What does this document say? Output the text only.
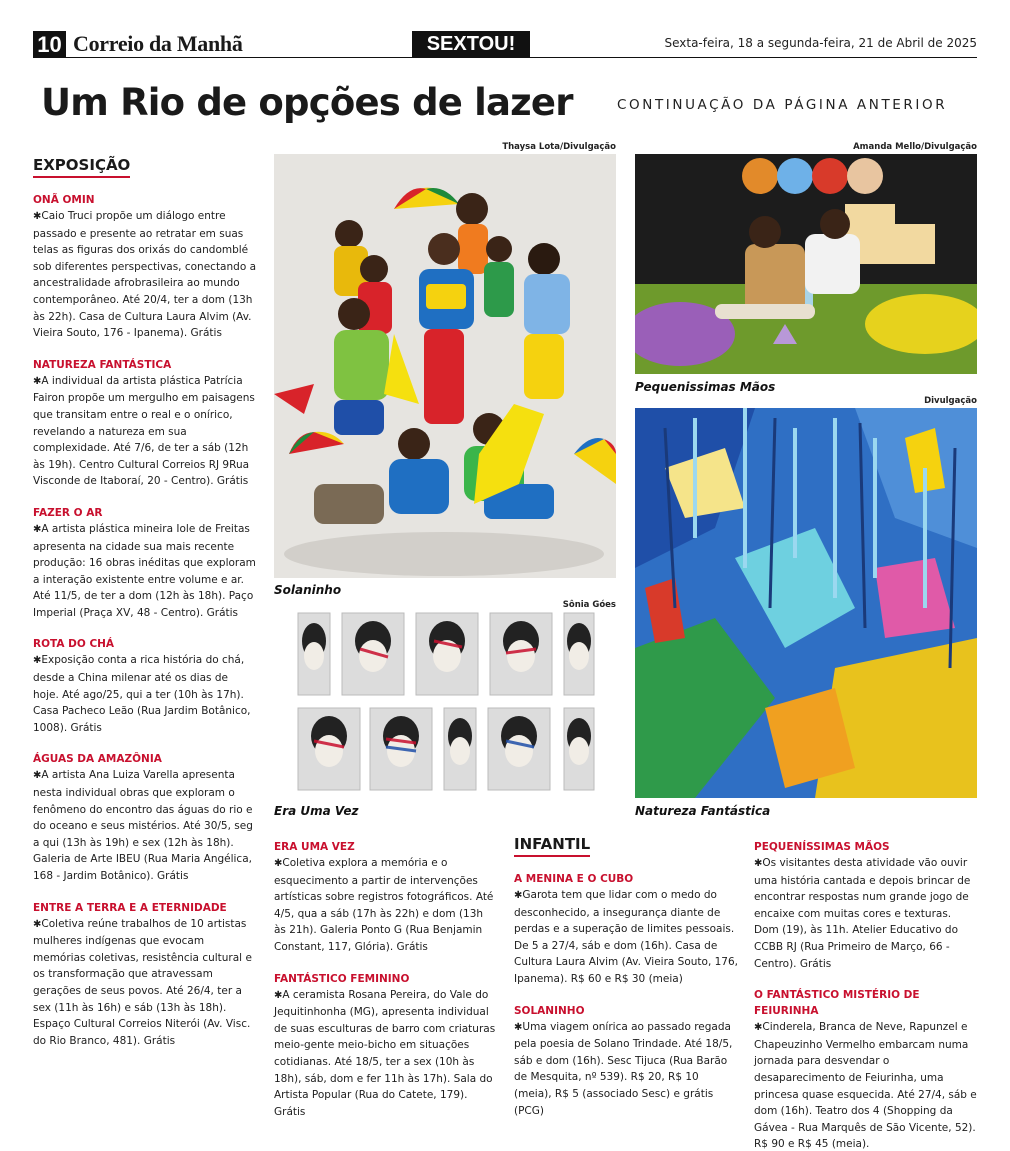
10 Correio da Manhã	SEXTOU!	Sexta-feira, 18 a segunda-feira, 21 de Abril de 2025
Um Rio de opções de lazer	CONTINUAÇÃO DA PÁGINA ANTERIOR
EXPOSIÇÃO
ONÃ OMIN
✱Caio Truci propõe um diálogo entre passado e presente ao retratar em suas telas as figuras dos orixás do candomblé sob diferentes perspectivas, conectando a ancestralidade afrobrasileira ao mundo contemporâneo. Até 20/4, ter a dom (13h às 22h). Casa de Cultura Laura Alvim (Av. Vieira Souto, 176 - Ipanema). Grátis
NATUREZA FANTÁSTICA
✱A individual da artista plástica Patrícia Fairon propõe um mergulho em paisagens que transitam entre o real e o onírico, revelando a natureza em sua complexidade. Até 7/6, de ter a sáb (12h às 19h). Centro Cultural Correios RJ 9Rua Visconde de Itaboraí, 20 - Centro). Grátis
FAZER O AR
✱A artista plástica mineira Iole de Freitas apresenta na cidade sua mais recente produção: 16 obras inéditas que exploram a interação existente entre volume e ar. Até 11/5, de ter a dom (12h às 18h). Paço Imperial (Praça XV, 48 - Centro). Grátis
ROTA DO CHÁ
✱Exposição conta a rica história do chá, desde a China milenar até os dias de hoje. Até ago/25, qui a ter (10h às 17h). Casa Pacheco Leão (Rua Jardim Botânico, 1008). Grátis
ÁGUAS DA AMAZÔNIA
✱A artista Ana Luiza Varella apresenta nesta individual obras que exploram o fenômeno do encontro das águas do rio e do oceano e seus mistérios. Até 30/5, seg a qui (13h às 19h) e sex (12h às 18h). Galeria de Arte IBEU (Rua Maria Angélica, 168 - Jardim Botânico). Grátis
ENTRE A TERRA E A ETERNIDADE
✱Coletiva reúne trabalhos de 10 artistas mulheres indígenas que evocam memórias coletivas, resistência cultural e os transformação que atravessam gerações de seus povos. Até 26/4, ter a sex (11h às 16h) e sáb (13h às 18h). Espaço Cultural Correios Niterói (Av. Visc. do Rio Branco, 481). Grátis
ERA UMA VEZ
✱Coletiva explora a memória e o esquecimento a partir de intervenções artísticas sobre registros fotográficos. Até 4/5, qua a sáb (17h às 22h) e dom (13h às 21h). Galeria Ponto G (Rua Benjamin Constant, 117, Glória). Grátis
FANTÁSTICO FEMININO
✱A ceramista Rosana Pereira, do Vale do Jequitinhonha (MG), apresenta individual de suas esculturas de barro com criaturas meio-gente meio-bicho em situações cotidianas. Até 18/5, ter a sex (10h às 18h), sáb, dom e fer 11h às 17h). Sala do Artista Popular (Rua do Catete, 179). Grátis
INFANTIL
A MENINA E O CUBO
✱Garota tem que lidar com o medo do desconhecido, a insegurança diante de perdas e a superação de limites pessoais. De 5 a 27/4, sáb e dom (16h). Casa de Cultura Laura Alvim (Av. Vieira Souto, 176, Ipanema). R$ 60 e R$ 30 (meia)
SOLANINHO
✱Uma viagem onírica ao passado regada pela poesia de Solano Trindade. Até 18/5, sáb e dom (16h). Sesc Tijuca (Rua Barão de Mesquita, nº 539). R$ 20, R$ 10 (meia), R$ 5 (associado Sesc) e grátis (PCG)
PEQUENÍSSIMAS MÃOS
✱Os visitantes desta atividade vão ouvir uma história cantada e depois brincar de encontrar respostas num grande jogo de encaixe com muitas cores e texturas. Dom (19), às 11h. Atelier Educativo do CCBB RJ (Rua Primeiro de Março, 66 - Centro). Grátis
O FANTÁSTICO MISTÉRIO DE FEIURINHA
✱Cinderela, Branca de Neve, Rapunzel e Chapeuzinho Vermelho embarcam numa jornada para desvendar o desaparecimento de Feiurinha, uma princesa quase esquecida. Até 27/4, sáb e dom (16h). Teatro dos 4 (Shopping da Gávea - Rua Marquês de São Vicente, 52). R$ 90 e R$ 45 (meia).
Thaysa Lota/Divulgação
Solaninho
Sônia Góes
Era Uma Vez
Amanda Mello/Divulgação
Pequenissimas Mãos
Divulgação
Natureza Fantástica
